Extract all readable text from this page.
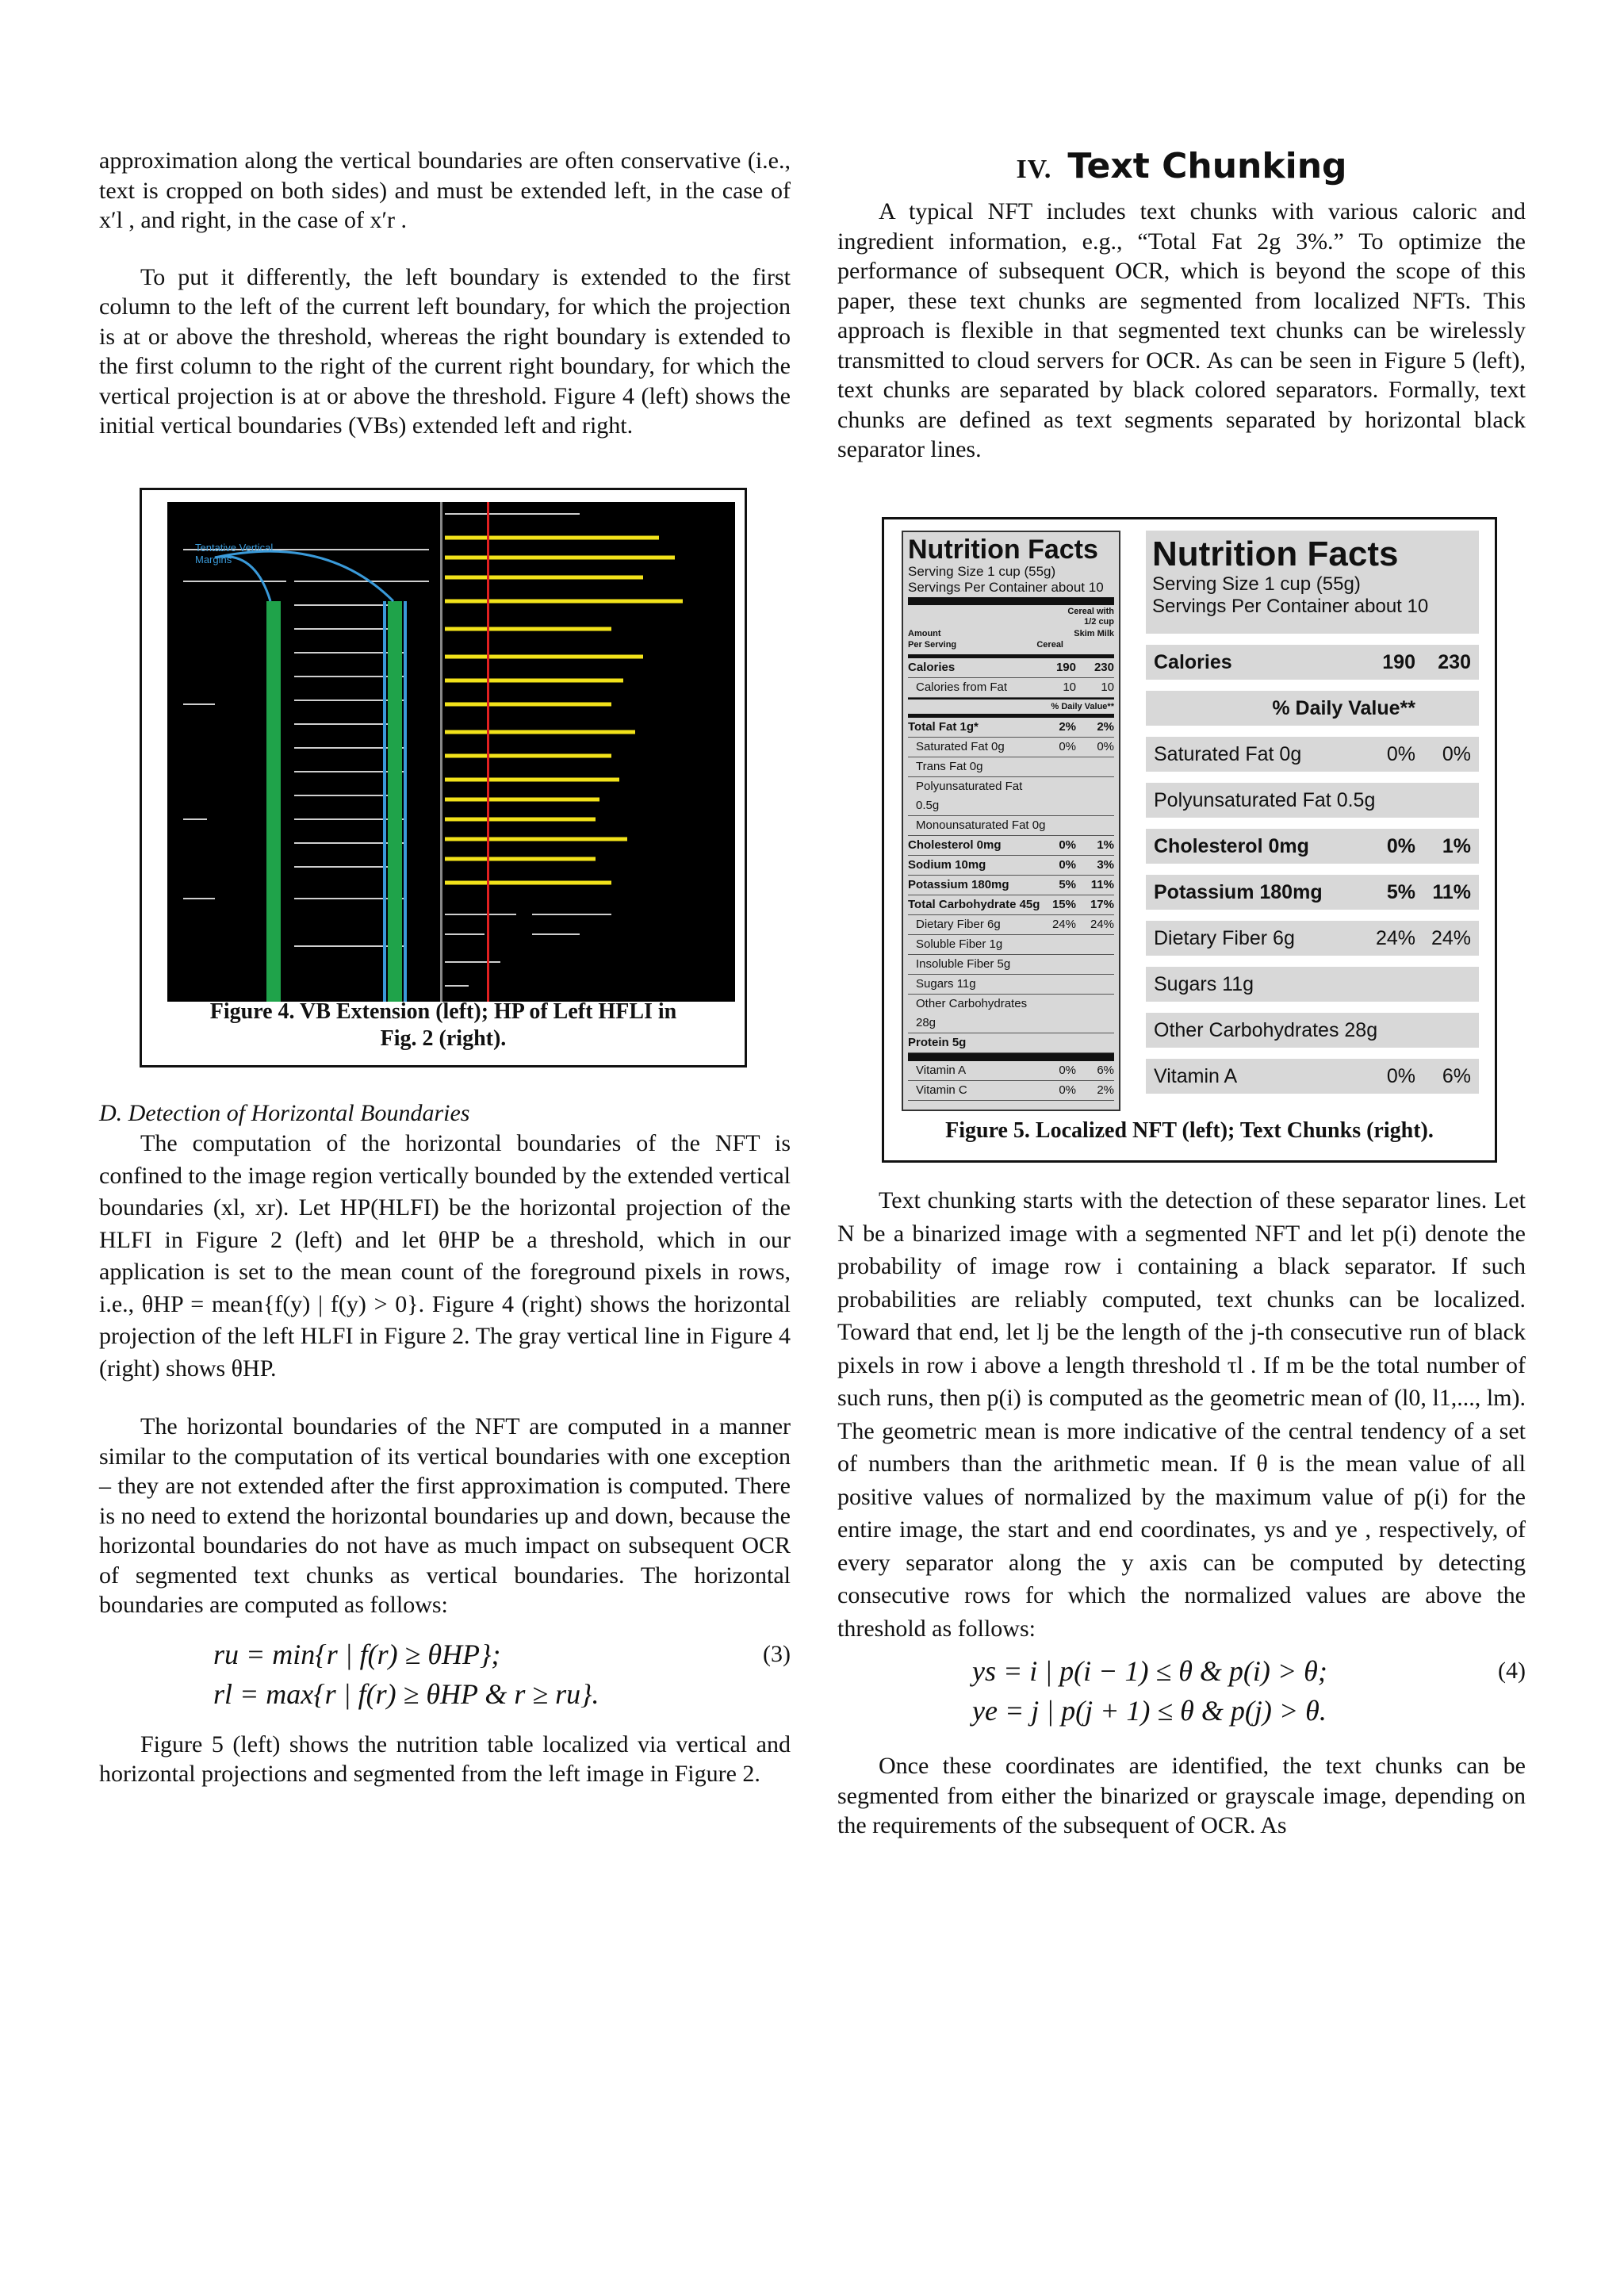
approximation along the vertical boundaries are often conservative (i.e., text is cropped on both sides) and must be extended left, in the case of x′l , and right, in the case of x′r .

To put it differently, the left boundary is extended to the first column to the left of the current left boundary, for which the projection is at or above the threshold, whereas the right boundary is extended to the first column to the right of the current right boundary, for which the vertical projection is at or above the threshold. Figure 4 (left) shows the initial vertical boundaries (VBs) extended left and right.

Tentative Vertical
Margins
Figure 4. VB Extension (left); HP of Left HFLI in
Fig. 2 (right).

D. Detection of Horizontal Boundaries

The computation of the horizontal boundaries of the NFT is confined to the image region vertically bounded by the extended vertical boundaries (xl, xr). Let HP(HLFI) be the horizontal projection of the HLFI in Figure 2 (left) and let θHP be a threshold, which in our application is set to the mean count of the foreground pixels in rows, i.e., θHP = mean{f(y) | f(y) > 0}. Figure 4 (right) shows the horizontal projection of the left HLFI in Figure 2. The gray vertical line in Figure 4 (right) shows θHP.

The horizontal boundaries of the NFT are computed in a manner similar to the computation of its vertical boundaries with one exception – they are not extended after the first approximation is computed. There is no need to extend the horizontal boundaries up and down, because the horizontal boundaries do not have as much impact on subsequent OCR of segmented text chunks as vertical boundaries. The horizontal boundaries are computed as follows:

ru = min{r | f(r) ≥ θHP};
rl = max{r | f(r) ≥ θHP & r ≥ ru}.
(3)

Figure 5 (left) shows the nutrition table localized via vertical and horizontal projections and segmented from the left image in Figure 2.

IV. Text Chunking

A typical NFT includes text chunks with various caloric and ingredient information, e.g., “Total Fat 2g 3%.” To optimize the performance of subsequent OCR, which is beyond the scope of this paper, these text chunks are segmented from localized NFTs. This approach is flexible in that segmented text chunks can be wirelessly transmitted to cloud servers for OCR. As can be seen in Figure 5 (left), text chunks are separated by black colored separators. Formally, text chunks are defined as text segments separated by horizontal black separator lines.

Nutrition Facts
Serving Size 1 cup (55g)
Servings Per Container about 10
Cereal with 1/2 cup
Skim Milk
Amount
Per Serving	Cereal
Calories	190	230
Calories from Fat	10	10
% Daily Value**
Total Fat 1g*	2%	2%
Saturated Fat 0g	0%	0%
Trans Fat 0g
Polyunsaturated Fat 0.5g
Monounsaturated Fat 0g
Cholesterol 0mg	0%	1%
Sodium 10mg	0%	3%
Potassium 180mg	5%	11%
Total Carbohydrate 45g	15%	17%
Dietary Fiber 6g	24%	24%
Soluble Fiber 1g
Insoluble Fiber 5g
Sugars 11g
Other Carbohydrates 28g
Protein 5g
Vitamin A	0%	6%
Vitamin C	0%	2%
Nutrition Facts
Serving Size 1 cup (55g)
Servings Per Container about 10
Calories	190	230
% Daily Value**
Saturated Fat 0g	0%	0%
Polyunsaturated Fat 0.5g
Cholesterol 0mg	0%	1%
Potassium 180mg	5% 11%
Dietary Fiber 6g	24% 24%
Sugars 11g
Other Carbohydrates 28g
Vitamin A	0%	6%
Figure 5. Localized NFT (left); Text Chunks (right).

Text chunking starts with the detection of these separator lines. Let N be a binarized image with a segmented NFT and let p(i) denote the probability of image row i containing a black separator. If such probabilities are reliably computed, text chunks can be localized. Toward that end, let lj be the length of the j-th consecutive run of black pixels in row i above a length threshold τl . If m be the total number of such runs, then p(i) is computed as the geometric mean of (l0, l1,..., lm). The geometric mean is more indicative of the central tendency of a set of numbers than the arithmetic mean. If θ is the mean value of all positive values of normalized by the maximum value of p(i) for the entire image, the start and end coordinates, ys and ye , respectively, of every separator along the y axis can be computed by detecting consecutive rows for which the normalized values are above the threshold as follows:

ys = i | p(i − 1) ≤ θ & p(i) > θ;
ye = j | p(j + 1) ≤ θ & p(j) > θ.
(4)

Once these coordinates are identified, the text chunks can be segmented from either the binarized or grayscale image, depending on the requirements of the subsequent of OCR. As
